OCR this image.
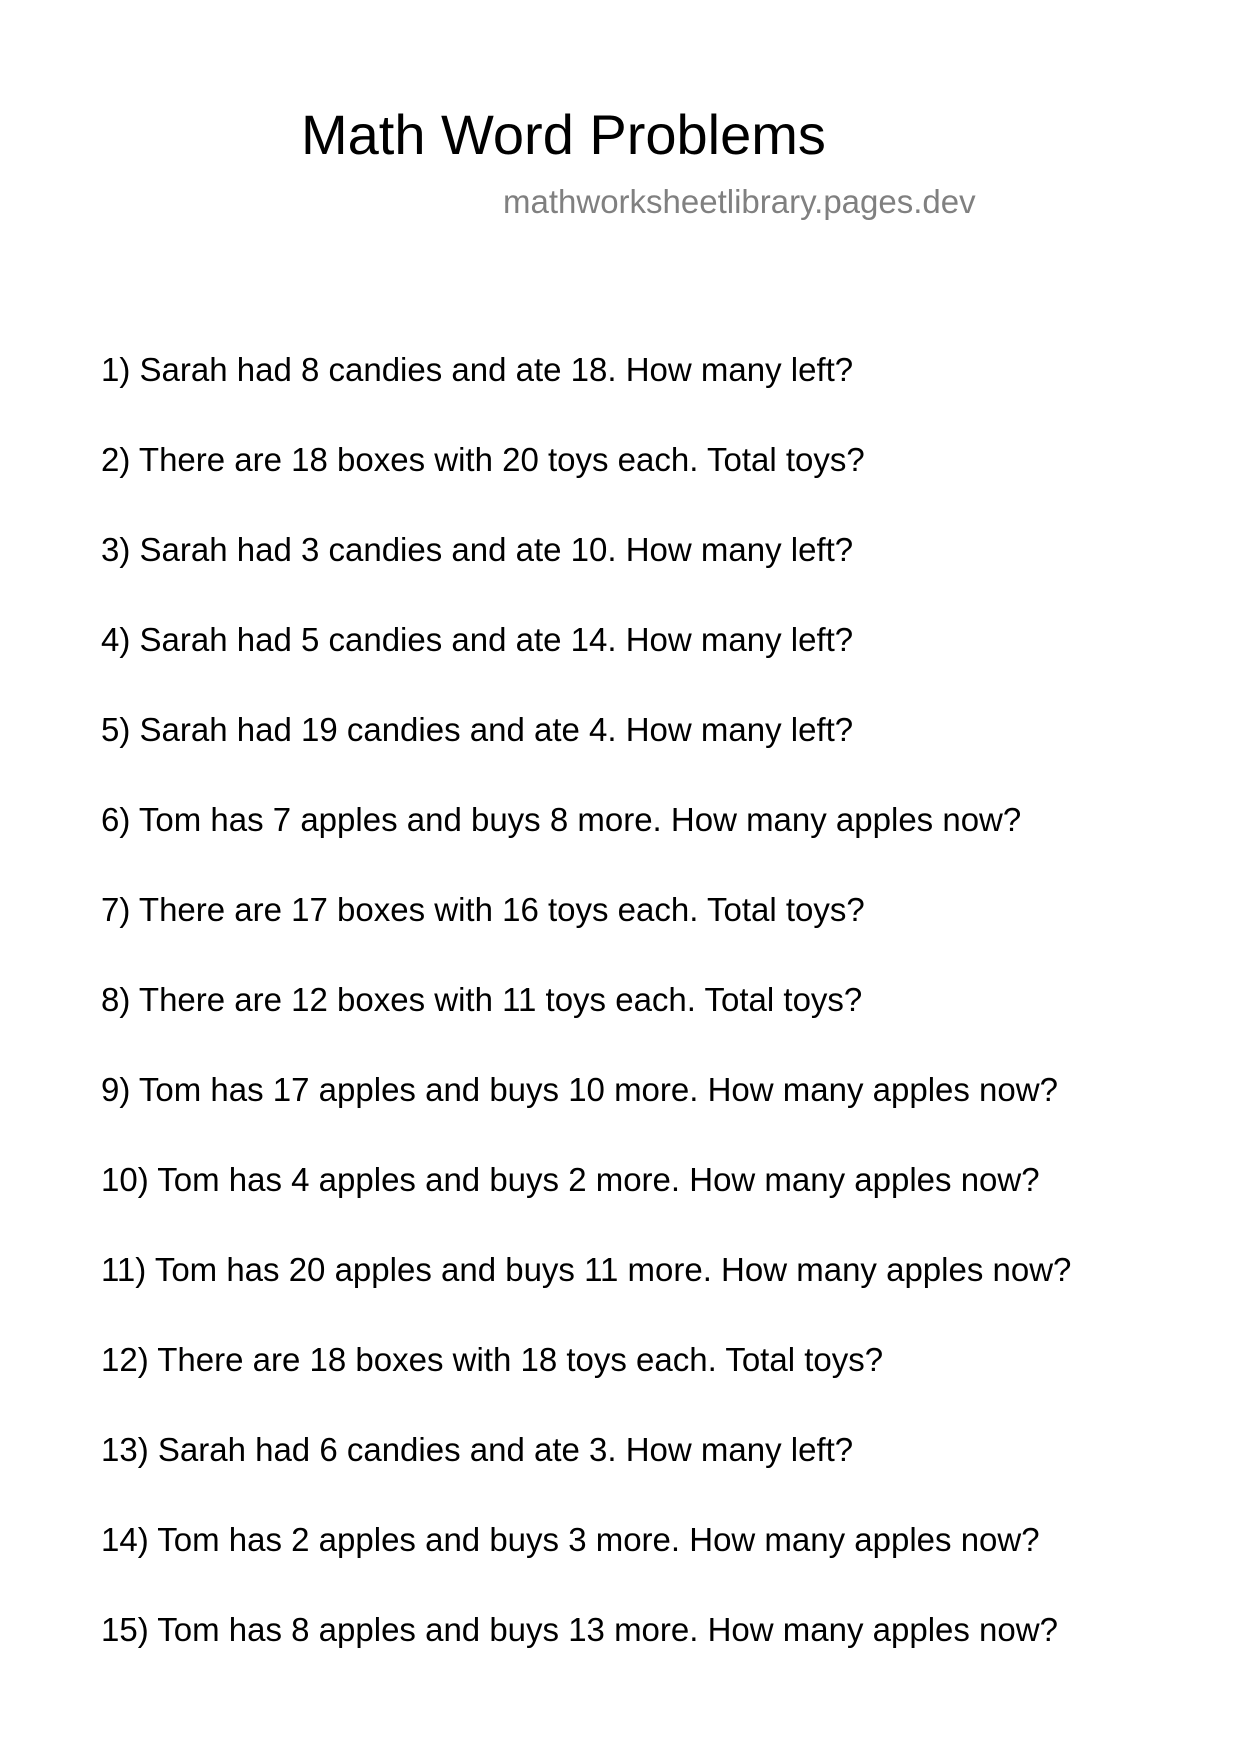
Math Word Problems
mathworksheetlibrary.pages.dev
1) Sarah had 8 candies and ate 18. How many left?
2) There are 18 boxes with 20 toys each. Total toys?
3) Sarah had 3 candies and ate 10. How many left?
4) Sarah had 5 candies and ate 14. How many left?
5) Sarah had 19 candies and ate 4. How many left?
6) Tom has 7 apples and buys 8 more. How many apples now?
7) There are 17 boxes with 16 toys each. Total toys?
8) There are 12 boxes with 11 toys each. Total toys?
9) Tom has 17 apples and buys 10 more. How many apples now?
10) Tom has 4 apples and buys 2 more. How many apples now?
11) Tom has 20 apples and buys 11 more. How many apples now?
12) There are 18 boxes with 18 toys each. Total toys?
13) Sarah had 6 candies and ate 3. How many left?
14) Tom has 2 apples and buys 3 more. How many apples now?
15) Tom has 8 apples and buys 13 more. How many apples now?
